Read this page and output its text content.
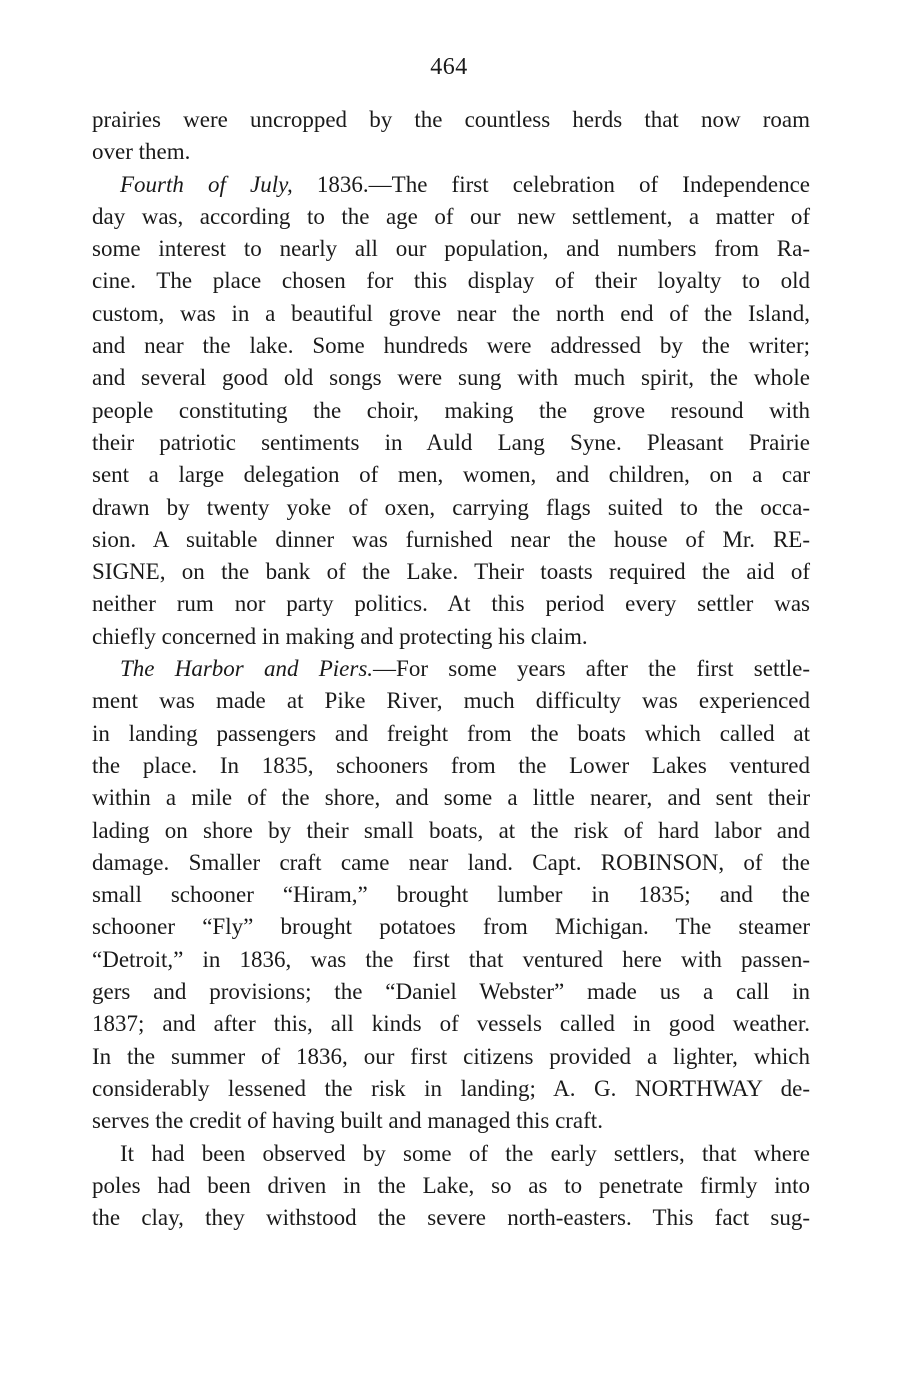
464
prairies were uncropped by the countless herds that now roam
over them.
Fourth of July, 1836.—The first celebration of Independence
day was, according to the age of our new settlement, a matter of
some interest to nearly all our population, and numbers from Ra-
cine. The place chosen for this display of their loyalty to old
custom, was in a beautiful grove near the north end of the Island,
and near the lake. Some hundreds were addressed by the writer;
and several good old songs were sung with much spirit, the whole
people constituting the choir, making the grove resound with
their patriotic sentiments in Auld Lang Syne. Pleasant Prairie
sent a large delegation of men, women, and children, on a car
drawn by twenty yoke of oxen, carrying flags suited to the occa-
sion. A suitable dinner was furnished near the house of Mr. RE-
SIGNE, on the bank of the Lake. Their toasts required the aid of
neither rum nor party politics. At this period every settler was
chiefly concerned in making and protecting his claim.
The Harbor and Piers.—For some years after the first settle-
ment was made at Pike River, much difficulty was experienced
in landing passengers and freight from the boats which called at
the place. In 1835, schooners from the Lower Lakes ventured
within a mile of the shore, and some a little nearer, and sent their
lading on shore by their small boats, at the risk of hard labor and
damage. Smaller craft came near land. Capt. ROBINSON, of the
small schooner “Hiram,” brought lumber in 1835; and the
schooner “Fly” brought potatoes from Michigan. The steamer
“Detroit,” in 1836, was the first that ventured here with passen-
gers and provisions; the “Daniel Webster” made us a call in
1837; and after this, all kinds of vessels called in good weather.
In the summer of 1836, our first citizens provided a lighter, which
considerably lessened the risk in landing; A. G. NORTHWAY de-
serves the credit of having built and managed this craft.
It had been observed by some of the early settlers, that where
poles had been driven in the Lake, so as to penetrate firmly into
the clay, they withstood the severe north-easters. This fact sug-
